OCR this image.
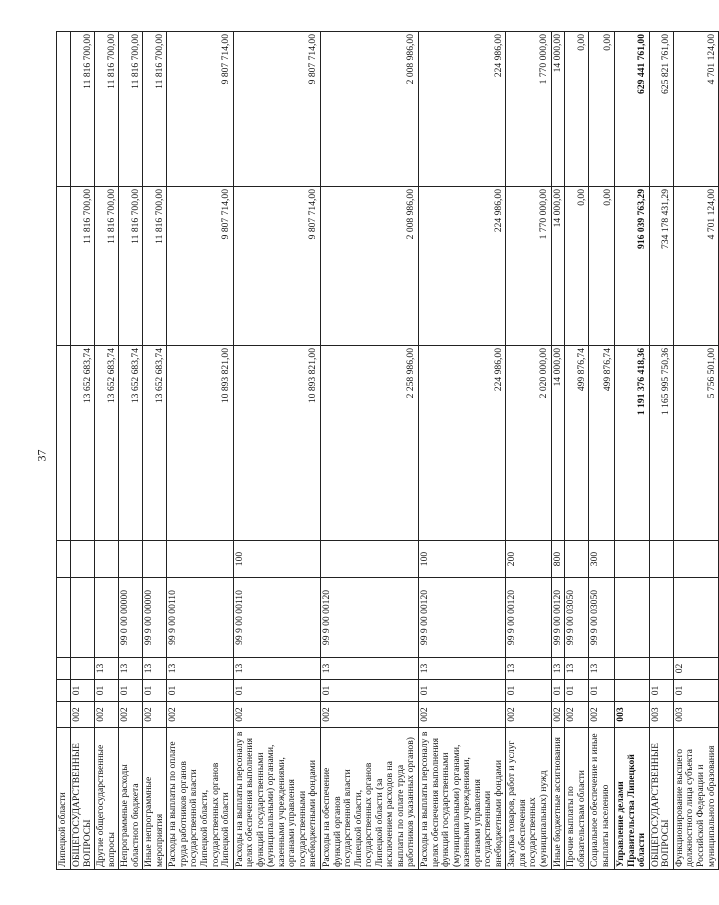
37
Липецкой области								
ОБЩЕГОСУДАРСТВЕННЫЕ ВОПРОСЫ	002	01				13 652 683,74	11 816 700,00	11 816 700,00
Другие общегосударственные вопросы	002	01	13			13 652 683,74	11 816 700,00	11 816 700,00
Непрограммные расходы областного бюджета	002	01	13	99 0 00 00000		13 652 683,74	11 816 700,00	11 816 700,00
Иные непрограммные мероприятия	002	01	13	99 9 00 00000		13 652 683,74	11 816 700,00	11 816 700,00
Расходы на выплаты по оплате труда работников органов государственной власти Липецкой области, государственных органов Липецкой области	002	01	13	99 9 00 00110		10 893 821,00	9 807 714,00	9 807 714,00
Расходы на выплаты персоналу в целях обеспечения выполнения функций государственными (муниципальными) органами, казенными учреждениями, органами управления государственными внебюджетными фондами	002	01	13	99 9 00 00110	100	10 893 821,00	9 807 714,00	9 807 714,00
Расходы на обеспечение функций органов государственной власти Липецкой области, государственных органов Липецкой области (за исключением расходов на выплаты по оплате труда работников указанных органов)	002	01	13	99 9 00 00120		2 258 986,00	2 008 986,00	2 008 986,00
Расходы на выплаты персоналу в целях обеспечения выполнения функций государственными (муниципальными) органами, казенными учреждениями, органами управления государственными внебюджетными фондами	002	01	13	99 9 00 00120	100	224 986,00	224 986,00	224 986,00
Закупка товаров, работ и услуг для обеспечения государственных (муниципальных) нужд	002	01	13	99 9 00 00120	200	2 020 000,00	1 770 000,00	1 770 000,00
Иные бюджетные ассигнования	002	01	13	99 9 00 00120	800	14 000,00	14 000,00	14 000,00
Прочие выплаты по обязательствам области	002	01	13	99 9 00 03050		499 876,74	0,00	0,00
Социальное обеспечение и иные выплаты населению	002	01	13	99 9 00 03050	300	499 876,74	0,00	0,00
Управление делами Правительства Липецкой области	003					1 191 376 418,36	916 039 763,29	629 441 761,00
ОБЩЕГОСУДАРСТВЕННЫЕ ВОПРОСЫ	003	01				1 165 995 750,36	734 178 431,29	625 821 761,00
Функционирование высшего должностного лица субъекта Российской Федерации и муниципального образования	003	01	02			5 756 501,00	4 701 124,00	4 701 124,00
